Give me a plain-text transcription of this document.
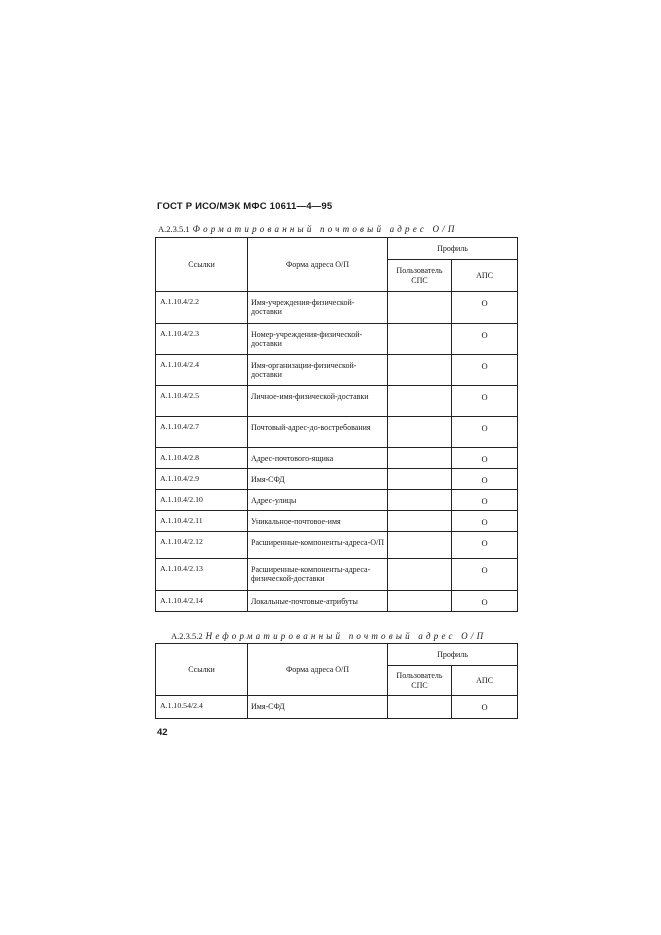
ГОСТ Р ИСО/МЭК МФС 10611—4—95
А.2.3.5.1 Форматированный почтовый адрес О/П
Ссылки	Форма адреса О/П	Профиль	
		Пользователь СПС	АПС
А.1.10.4/2.2	Имя-учреждения-физической-доставки		О
А.1.10.4/2.3	Номер-учреждения-физической-доставки		О
А.1.10.4/2.4	Имя-организации-физической-доставки		О
А.1.10.4/2.5	Личное-имя-физической-доставки		О
А.1.10.4/2.7	Почтовый-адрес-до-востребования		О
А.1.10.4/2.8	Адрес-почтового-ящика		О
А.1.10.4/2.9	Имя-СФД		О
А.1.10.4/2.10	Адрес-улицы		О
А.1.10.4/2.11	Уникальное-почтовое-имя		О
А.1.10.4/2.12	Расширенные-компоненты-адреса-О/П		О
А.1.10.4/2.13	Расширенные-компоненты-адреса-физической-доставки		О
А.1.10.4/2.14	Локальные-почтовые-атрибуты		О
А.2.3.5.2 Неформатированный почтовый адрес О/П
Ссылки	Форма адреса О/П	Профиль	
		Пользователь СПС	АПС
А.1.10.54/2.4	Имя-СФД		О
42
